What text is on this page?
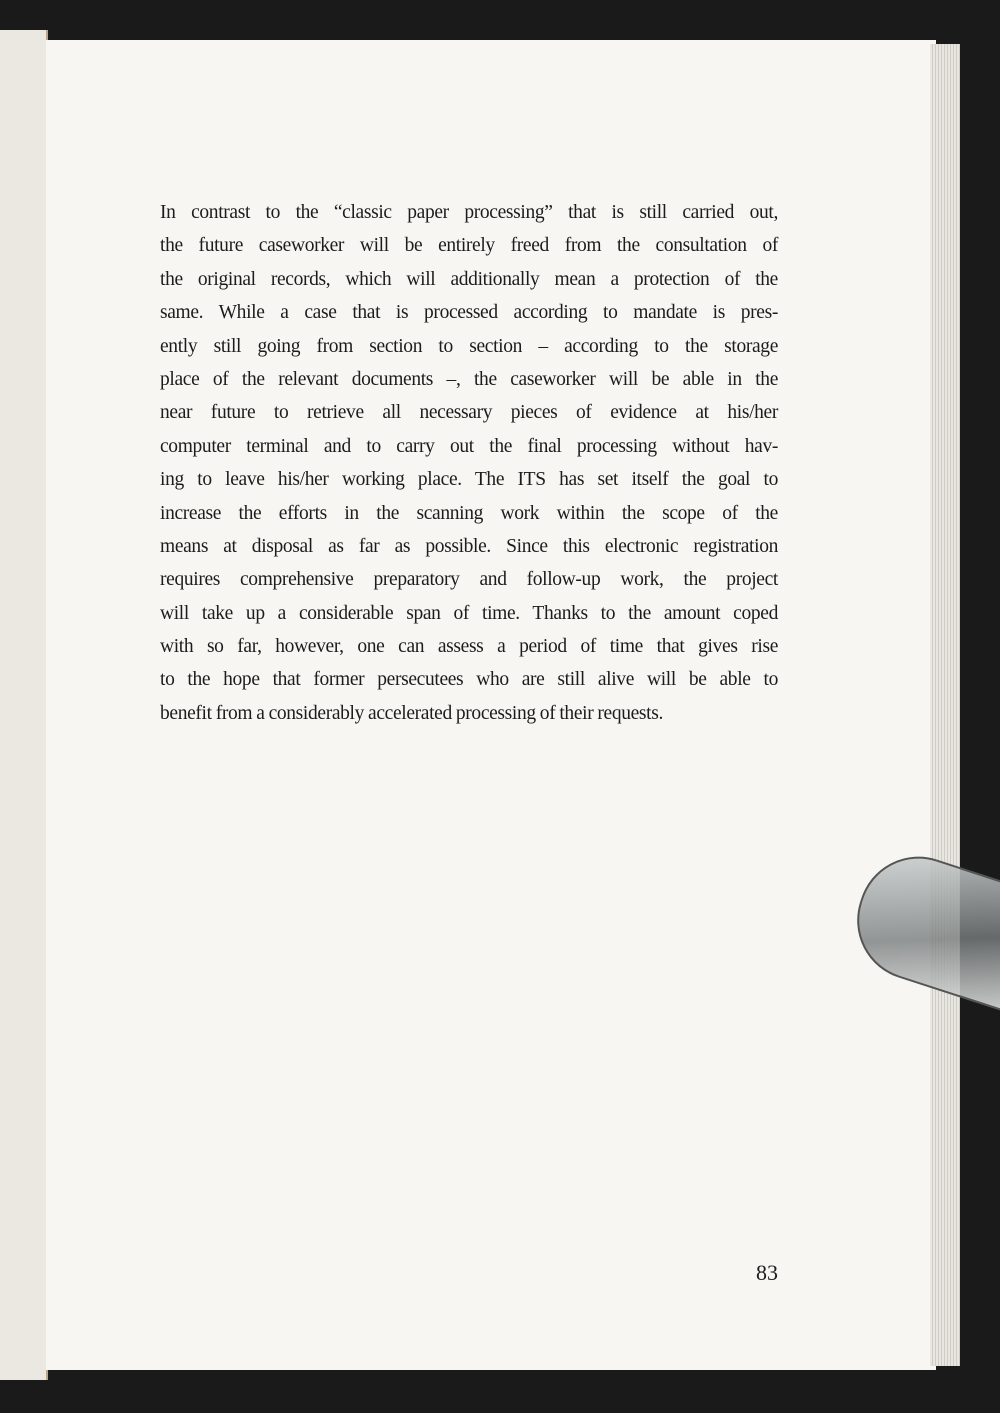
In contrast to the “classic paper processing” that is still carried out,
the future caseworker will be entirely freed from the consultation of
the original records, which will additionally mean a protection of the
same. While a case that is processed according to mandate is pres-
ently still going from section to section – according to the storage
place of the relevant documents –, the caseworker will be able in the
near future to retrieve all necessary pieces of evidence at his/her
computer terminal and to carry out the final processing without hav-
ing to leave his/her working place. The ITS has set itself the goal to
increase the efforts in the scanning work within the scope of the
means at disposal as far as possible. Since this electronic registration
requires comprehensive preparatory and follow-up work, the project
will take up a considerable span of time. Thanks to the amount coped
with so far, however, one can assess a period of time that gives rise
to the hope that former persecutees who are still alive will be able to
benefit from a considerably accelerated processing of their requests.
83
